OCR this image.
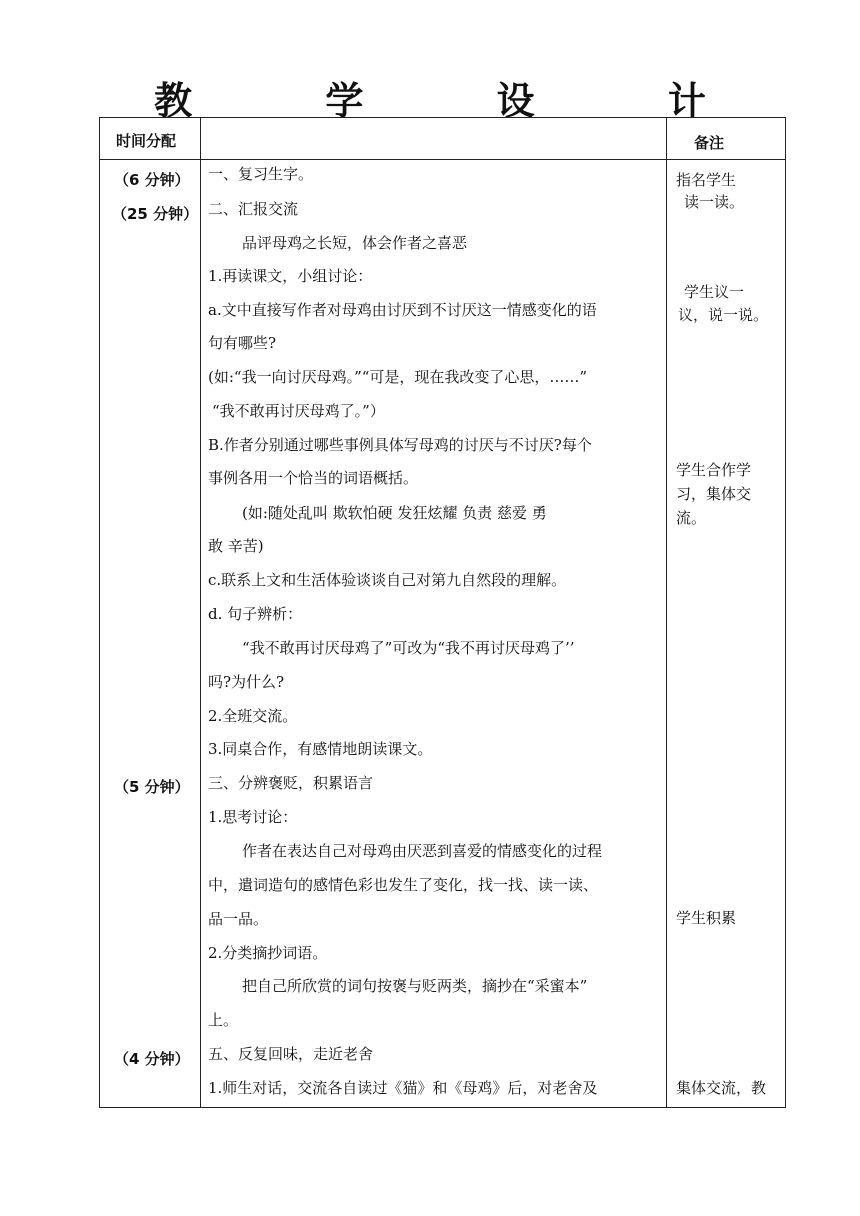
教 学 设 计
时间分配	备注
（6 分钟）
（25 分钟）
（5 分钟）
（4 分钟）
一、复习生字。
二、汇报交流
品评母鸡之长短，体会作者之喜恶
1.再读课文，小组讨论：
a.文中直接写作者对母鸡由讨厌到不讨厌这一情感变化的语
句有哪些?
(如:“我一向讨厌母鸡。”“可是，现在我改变了心思，……”
“我不敢再讨厌母鸡了。”）
B.作者分别通过哪些事例具体写母鸡的讨厌与不讨厌?每个
事例各用一个恰当的词语概括。
(如:随处乱叫 欺软怕硬 发狂炫耀 负责 慈爱 勇
敢 辛苦)
c.联系上文和生活体验谈谈自己对第九自然段的理解。
d. 句子辨析：
“我不敢再讨厌母鸡了”可改为“我不再讨厌母鸡了’’
吗?为什么?
2.全班交流。
3.同桌合作，有感情地朗读课文。
三、分辨褒贬，积累语言
1.思考讨论：
作者在表达自己对母鸡由厌恶到喜爱的情感变化的过程
中，遣词造句的感情色彩也发生了变化，找一找、读一读、
品一品。
2.分类摘抄词语。
把自己所欣赏的词句按褒与贬两类，摘抄在“采蜜本”
上。
五、反复回味，走近老舍
1.师生对话，交流各自读过《猫》和《母鸡》后，对老舍及
指名学生
读一读。
学生议一
议，说一说。
学生合作学
习，集体交
流。
学生积累
集体交流，教
